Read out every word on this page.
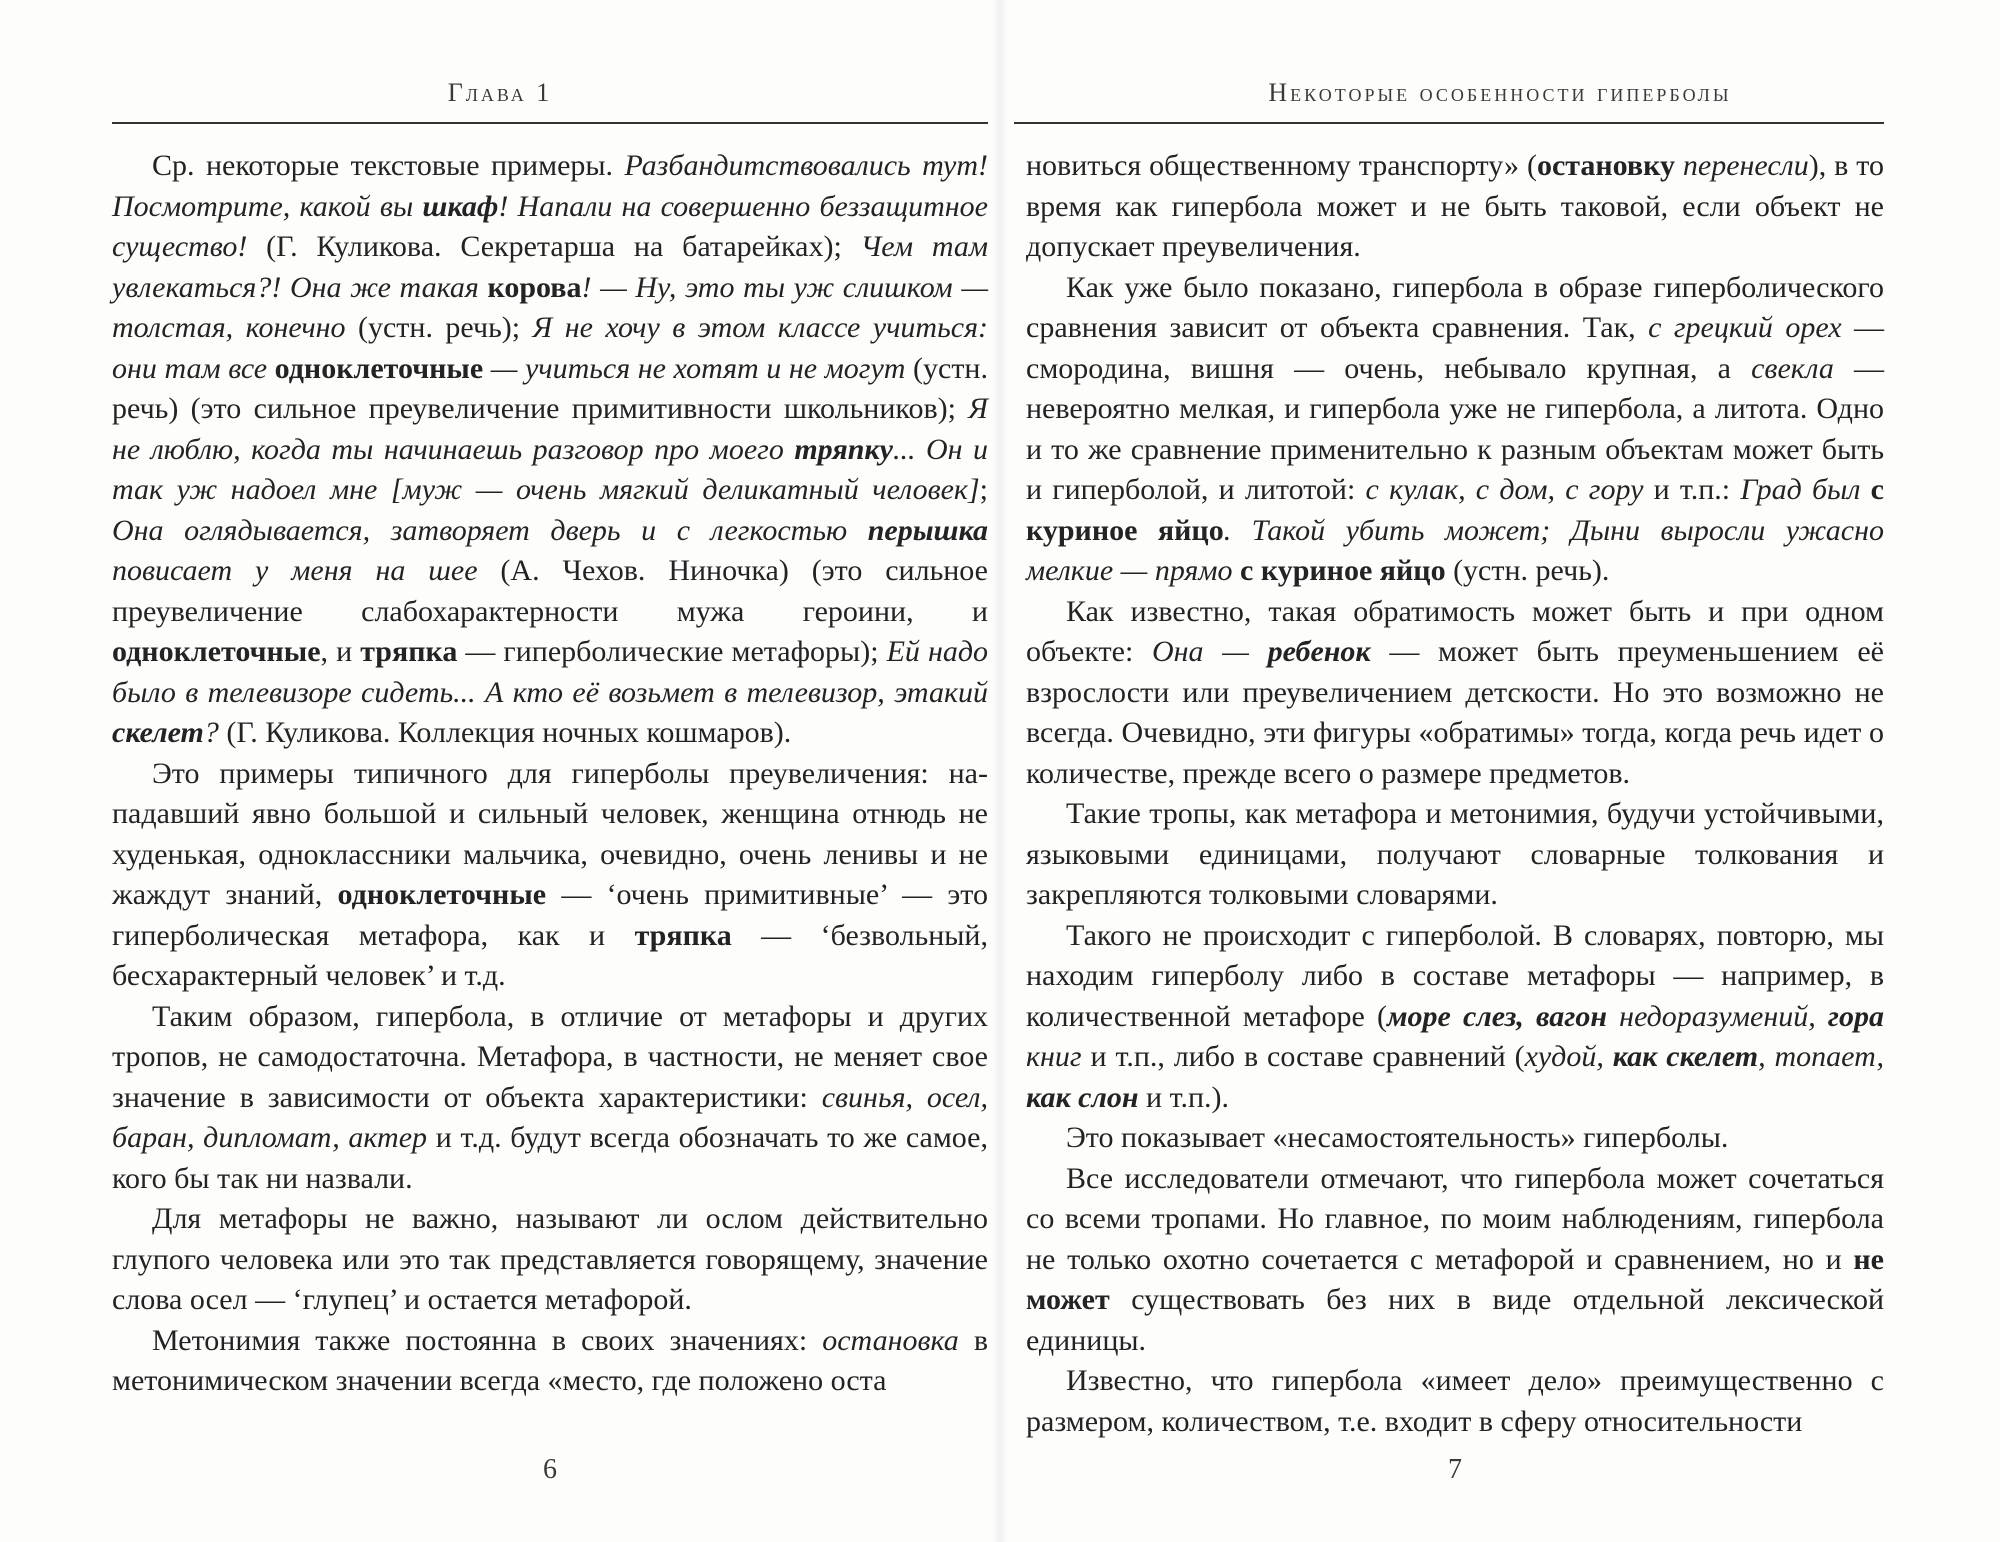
Глава 1

Ср. некоторые текстовые примеры. Разбандитствовались тут! Посмотрите, какой вы шкаф! Напали на совершенно беззащитное существо! (Г. Куликова. Секретарша на батарейках); Чем там увлекаться?! Она же такая корова! — Ну, это ты уж слишком — толстая, конечно (устн. речь); Я не хочу в этом классе учиться: они там все одноклеточные — учиться не хотят и не могут (устн. речь) (это сильное преувеличение примитивности школьников); Я не люблю, когда ты начинаешь разговор про моего тряпку... Он и так уж надоел мне [муж — очень мягкий деликатный человек]; Она оглядывается, затворяет дверь и с легкостью перышка повисает у меня на шее (А. Чехов. Ниночка) (это сильное преувеличение слабохарактерности мужа героини, и одноклеточные, и тряпка — гиперболические метафоры); Ей надо было в телевизоре сидеть... А кто её возьмет в телевизор, этакий скелет? (Г. Куликова. Коллекция ночных кошмаров).

Это примеры типичного для гиперболы преувеличения: нападавший явно большой и сильный человек, женщина отнюдь не худенькая, одноклассники мальчика, очевидно, очень ленивы и не жаждут знаний, одноклеточные — ‘очень примитивные’ — это гиперболическая метафора, как и тряпка — ‘безвольный, бесхарактерный человек’ и т.д.

Таким образом, гипербола, в отличие от метафоры и других тропов, не самодостаточна. Метафора, в частности, не меняет свое значение в зависимости от объекта характеристики: свинья, осел, баран, дипломат, актер и т.д. будут всегда обозначать то же самое, кого бы так ни назвали.

Для метафоры не важно, называют ли ослом действительно глупого человека или это так представляется говорящему, значение слова осел — ‘глупец’ и остается метафорой.

Метонимия также постоянна в своих значениях: остановка в метонимическом значении всегда «место, где положено оста

6
Некоторые особенности гиперболы

новиться общественному транспорту» (остановку перенесли), в то время как гипербола может и не быть таковой, если объект не допускает преувеличения.

Как уже было показано, гипербола в образе гиперболического сравнения зависит от объекта сравнения. Так, с грецкий орех — смородина, вишня — очень, небывало крупная, а свекла — невероятно мелкая, и гипербола уже не гипербола, а литота. Одно и то же сравнение применительно к разным объектам может быть и гиперболой, и литотой: с кулак, с дом, с гору и т.п.: Град был с куриное яйцо. Такой убить может; Дыни выросли ужасно мелкие — прямо с куриное яйцо (устн. речь).

Как известно, такая обратимость может быть и при одном объекте: Она — ребенок — может быть преуменьшением её взрослости или преувеличением детскости. Но это возможно не всегда. Очевидно, эти фигуры «обратимы» тогда, когда речь идет о количестве, прежде всего о размере предметов.

Такие тропы, как метафора и метонимия, будучи устойчивыми, языковыми единицами, получают словарные толкования и закрепляются толковыми словарями.

Такого не происходит с гиперболой. В словарях, повторю, мы находим гиперболу либо в составе метафоры — например, в количественной метафоре (море слез, вагон недоразумений, гора книг и т.п., либо в составе сравнений (худой, как скелет, топает, как слон и т.п.).

Это показывает «несамостоятельность» гиперболы.

Все исследователи отмечают, что гипербола может сочетаться со всеми тропами. Но главное, по моим наблюдениям, гипербола не только охотно сочетается с метафорой и сравнением, но и не может существовать без них в виде отдельной лексической единицы.

Известно, что гипербола «имеет дело» преимущественно с размером, количеством, т.е. входит в сферу относительности

7
